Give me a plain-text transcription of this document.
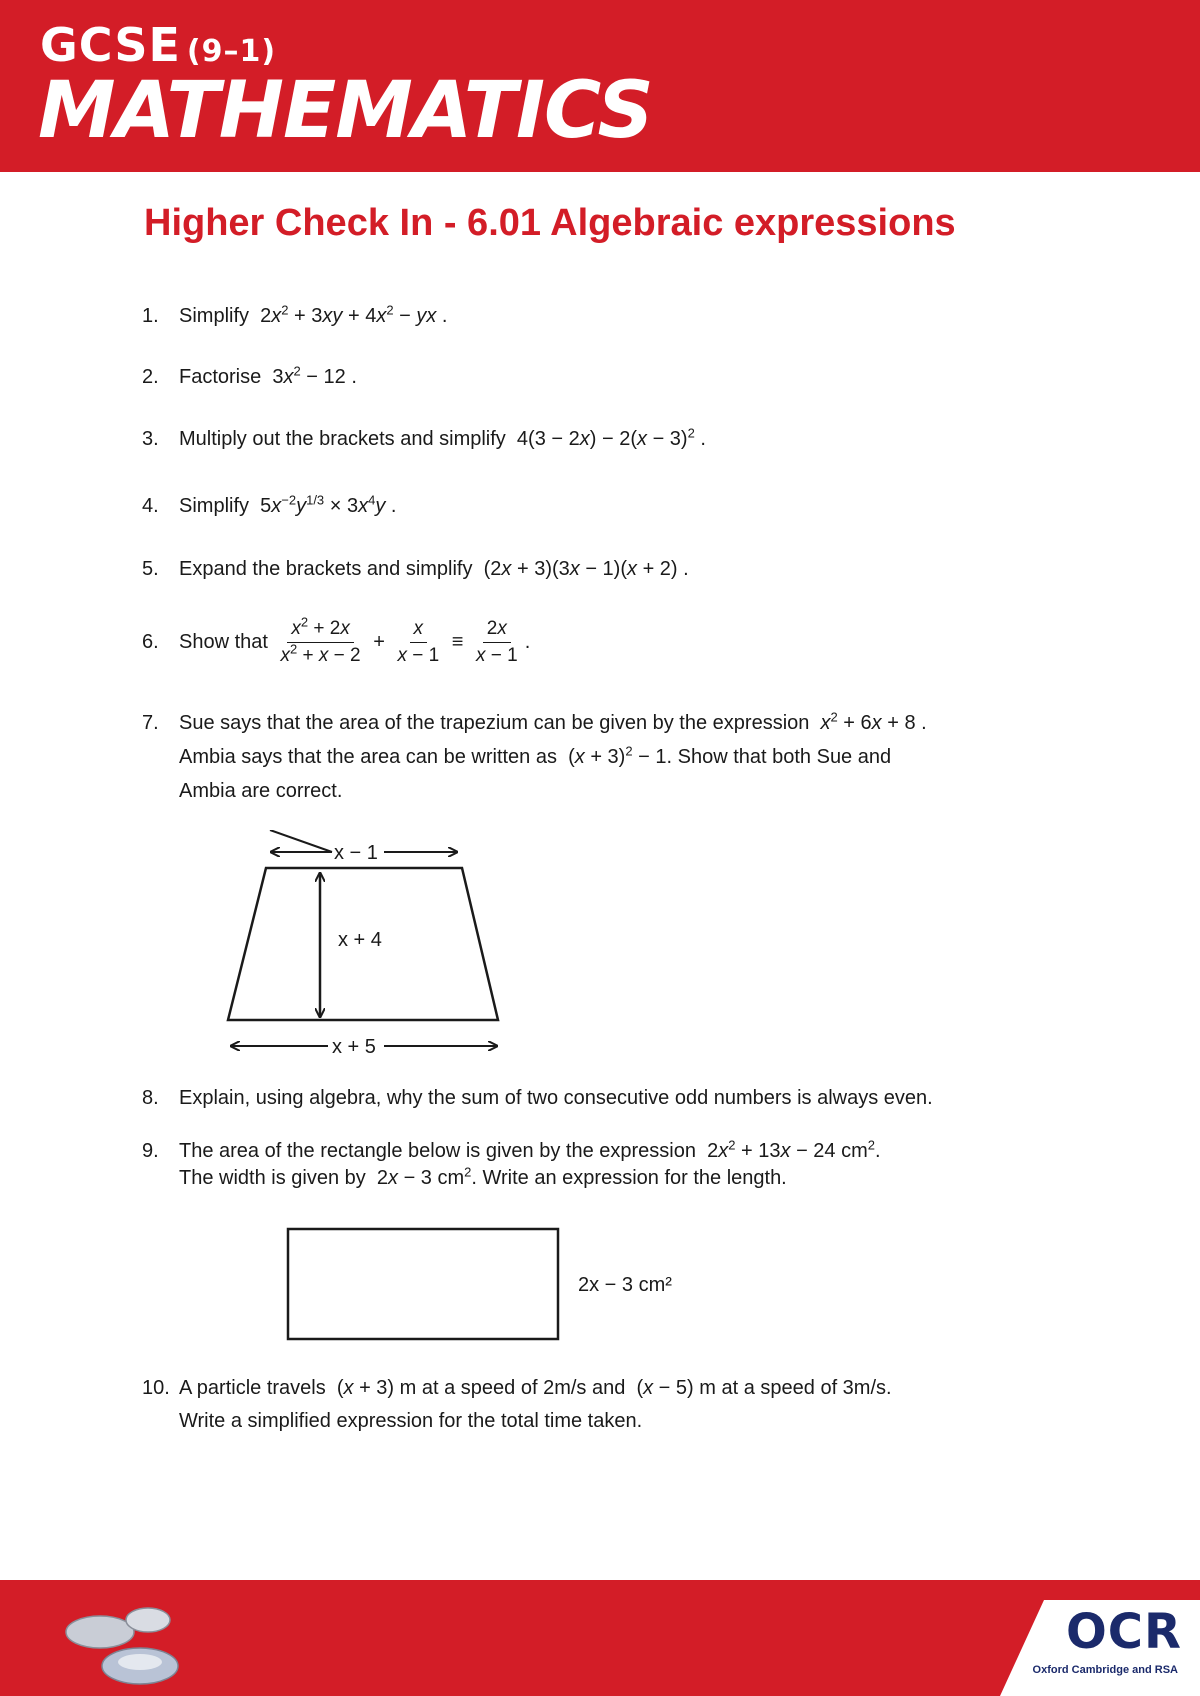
GCSE (9–1)
MATHEMATICS
Higher Check In - 6.01 Algebraic expressions
1. Simplify  $2x^2 + 3xy + 4x^2$ − yx .
2. Factorise  $3x^2 - 12$ .
3. Multiply out the brackets and simplify  $4(3 - 2x) - 2(x - 3)^2$ .
4. Simplify  $5x^{-2}y^{1/3} \times 3x^4y$ .
5. Expand the brackets and simplify  (2x + 3)(3x − 1)(x + 2) .
6. Show that $\frac{x^2 + 2x}{x^2 + x - 2} + \frac{x}{x - 1} \equiv \frac{2x}{x - 1}$ .
7. Sue says that the area of the trapezium can be given by the expression $x^2 + 6x + 8$ .
Ambia says that the area can be written as  $(x + 3)^2 - 1$. Show that both Sue and
Ambia are correct.
x − 1
x + 4
x + 5
8. Explain, using algebra, why the sum of two consecutive odd numbers is always even.
9. The area of the rectangle below is given by the expression  $2x^2 + 13x - 24$ $cm^2$.
The width is given by  2x − 3 $cm^2$. Write an expression for the length.
2x − 3 cm²
10. A particle travels  (x + 3) m at a speed of 2m/s and  (x − 5) m at a speed of 3m/s.
Write a simplified expression for the total time taken.
OCR
Oxford Cambridge and RSA
